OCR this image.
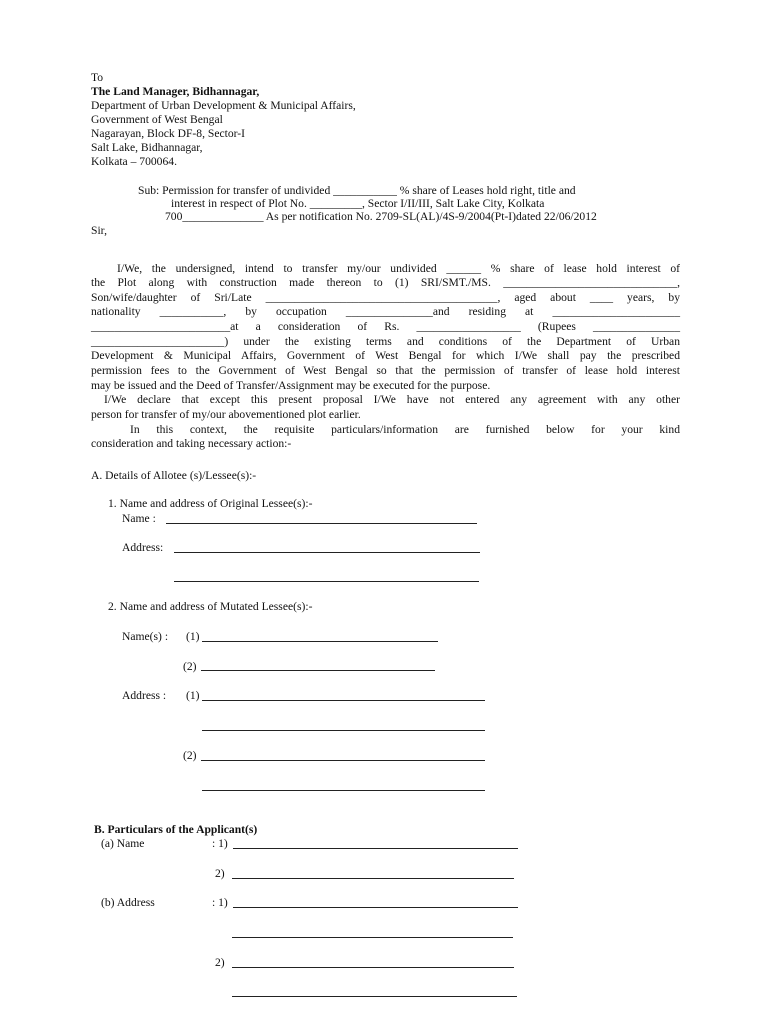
To
The Land Manager, Bidhannagar,
Department of Urban Development & Municipal Affairs,
Government of West Bengal
Nagarayan, Block DF-8, Sector-I
Salt Lake, Bidhannagar,
Kolkata – 700064.
Sub: Permission for transfer of undivided ___________ % share of Leases hold right, title and
interest in respect of Plot No. _________, Sector I/II/III, Salt Lake City, Kolkata
700______________ As per notification No. 2709-SL(AL)/4S-9/2004(Pt-I)dated 22/06/2012
Sir,
I/We, the undersigned, intend to transfer my/our undivided ______ % share of lease hold interest of
the Plot along with construction made thereon to (1) SRI/SMT./MS. ______________________________,
Son/wife/daughter of Sri/Late ________________________________________, aged about ____ years, by
nationality ___________, by occupation _______________and residing at ______________________
________________________at a consideration of Rs. __________________ (Rupees _______________
_______________________) under the existing terms and conditions of the Department of Urban
Development & Municipal Affairs, Government of West Bengal for which I/We shall pay the prescribed
permission fees to the Government of West Bengal so that the permission of transfer of lease hold interest
may be issued and the Deed of Transfer/Assignment may be executed for the purpose.
I/We declare that except this present proposal I/We have not entered any agreement with any other
person for transfer of my/our abovementioned plot earlier.
In this context, the requisite particulars/information are furnished below for your kind
consideration and taking necessary action:-
A. Details of Allotee (s)/Lessee(s):-
1. Name and address of Original Lessee(s):-
Name :
Address:
2. Name and address of Mutated Lessee(s):-
Name(s) : (1)
(2)
Address : (1)
(2)
B. Particulars of the Applicant(s)
(a) Name	: 1)
2)
(b) Address	: 1)
2)
